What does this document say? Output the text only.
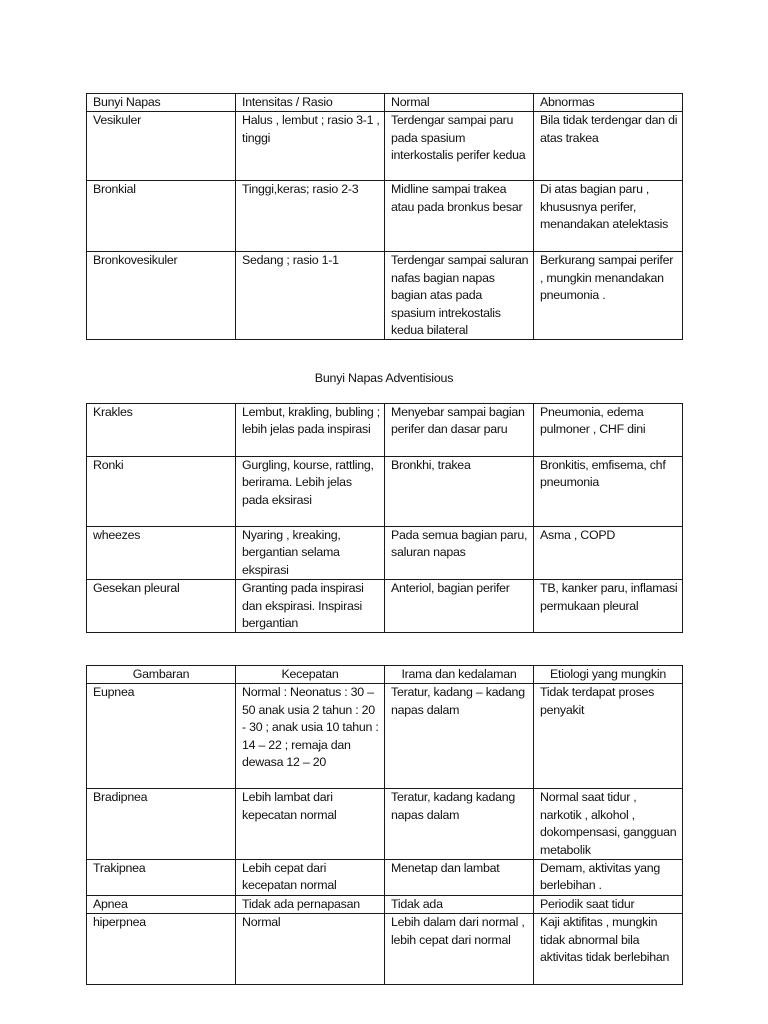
Bunyi Napas	Intensitas / Rasio	Normal	Abnormas
Vesikuler	Halus , lembut ; rasio 3-1 , tinggi	Terdengar sampai paru pada spasium interkostalis perifer kedua	Bila tidak terdengar dan di atas trakea
Bronkial	Tinggi,keras; rasio 2-3	Midline sampai trakea atau pada bronkus besar	Di atas bagian paru , khususnya perifer, menandakan atelektasis
Bronkovesikuler	Sedang ; rasio 1-1	Terdengar sampai saluran nafas bagian napas bagian atas pada spasium intrekostalis kedua bilateral	Berkurang sampai perifer , mungkin menandakan pneumonia .
Bunyi Napas Adventisious
Krakles	Lembut, krakling, bubling ; lebih jelas pada inspirasi	Menyebar sampai bagian perifer dan dasar paru	Pneumonia, edema pulmoner , CHF dini
Ronki	Gurgling, kourse, rattling, berirama. Lebih jelas pada eksirasi	Bronkhi, trakea	Bronkitis, emfisema, chf pneumonia
wheezes	Nyaring , kreaking, bergantian selama ekspirasi	Pada semua bagian paru, saluran napas	Asma , COPD
Gesekan pleural	Granting pada inspirasi dan ekspirasi. Inspirasi bergantian	Anteriol, bagian perifer	TB, kanker paru, inflamasi permukaan pleural
Gambaran	Kecepatan	Irama dan kedalaman	Etiologi yang mungkin
Eupnea	Normal : Neonatus : 30 – 50 anak usia 2 tahun : 20 - 30 ; anak usia 10 tahun : 14 – 22 ; remaja dan dewasa 12 – 20	Teratur, kadang – kadang napas dalam	Tidak terdapat proses penyakit
Bradipnea	Lebih lambat dari kepecatan normal	Teratur, kadang kadang napas dalam	Normal saat tidur , narkotik , alkohol , dokompensasi, gangguan metabolik
Trakipnea	Lebih cepat dari kecepatan normal	Menetap dan lambat	Demam, aktivitas yang berlebihan .
Apnea	Tidak ada pernapasan	Tidak ada	Periodik saat tidur
hiperpnea	Normal	Lebih dalam dari normal , lebih cepat dari normal	Kaji aktifitas , mungkin tidak abnormal bila aktivitas tidak berlebihan
